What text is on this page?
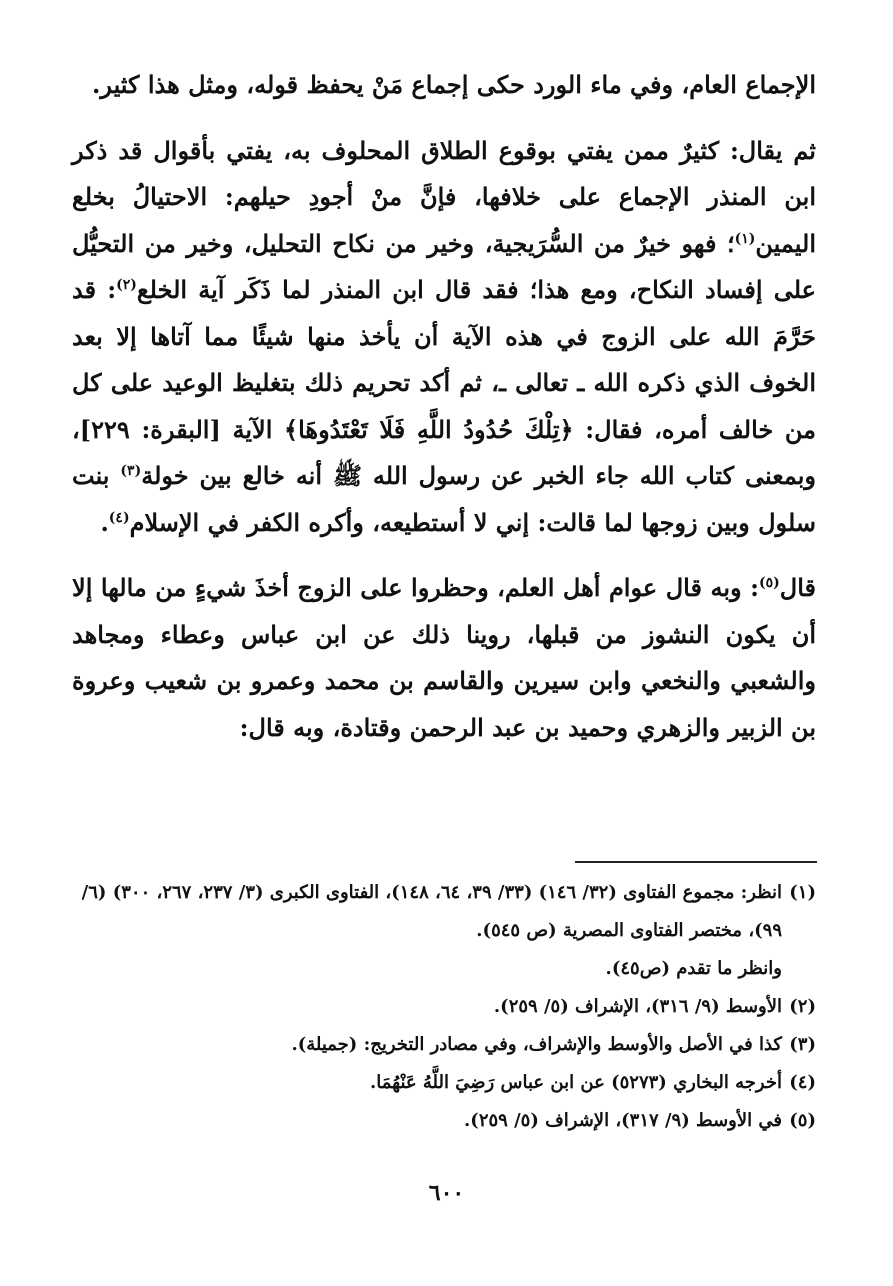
الإجماع العام، وفي ماء الورد حكى إجماع مَنْ يحفظ قوله، ومثل هذا كثير.

ثم يقال: كثيرٌ ممن يفتي بوقوع الطلاق المحلوف به، يفتي بأقوال قد ذكر ابن المنذر الإجماع على خلافها، فإنَّ منْ أجودِ حيلهم: الاحتيالُ بخلع اليمين$^{(١)}$؛ فهو خيرٌ من السُّرَيجية، وخير من نكاح التحليل، وخير من التحيُّل على إفساد النكاح، ومع هذا؛ فقد قال ابن المنذر لما ذَكَر آية الخلع$^{(٢)}$: قد حَرَّمَ الله على الزوج في هذه الآية أن يأخذ منها شيئًا مما آتاها إلا بعد الخوف الذي ذكره الله ـ تعالى ـ، ثم أكد تحريم ذلك بتغليظ الوعيد على كل من خالف أمره، فقال: ﴿تِلْكَ حُدُودُ اللَّهِ فَلَا تَعْتَدُوهَا﴾ الآية [البقرة: ٢٢٩]، وبمعنى كتاب الله جاء الخبر عن رسول الله ﷺ أنه خالع بين خولة$^{(٣)}$ بنت سلول وبين زوجها لما قالت: إني لا أستطيعه، وأكره الكفر في الإسلام$^{(٤)}$.

قال$^{(٥)}$: وبه قال عوام أهل العلم، وحظروا على الزوج أخذَ شيءٍ من مالها إلا أن يكون النشوز من قبلها، روينا ذلك عن ابن عباس وعطاء ومجاهد والشعبي والنخعي وابن سيرين والقاسم بن محمد وعمرو بن شعيب وعروة بن الزبير والزهري وحميد بن عبد الرحمن وقتادة، وبه قال:

(١)
انظر: مجموع الفتاوى (٣٢/ ١٤٦) (٣٣/ ٣٩، ٦٤، ١٤٨)، الفتاوى الكبرى (٣/ ٢٣٧، ٢٦٧، ٣٠٠) (٦/ ٩٩)، مختصر الفتاوى المصرية (ص ٥٤٥).
وانظر ما تقدم (ص٤٥).
(٢)
الأوسط (٩/ ٣١٦)، الإشراف (٥/ ٢٥٩).
(٣)
كذا في الأصل والأوسط والإشراف، وفي مصادر التخريج: (جميلة).
(٤)
أخرجه البخاري (٥٢٧٣) عن ابن عباس رَضِيَ اللَّهُ عَنْهُمَا.
(٥)
في الأوسط (٩/ ٣١٧)، الإشراف (٥/ ٢٥٩).
٦٠٠
